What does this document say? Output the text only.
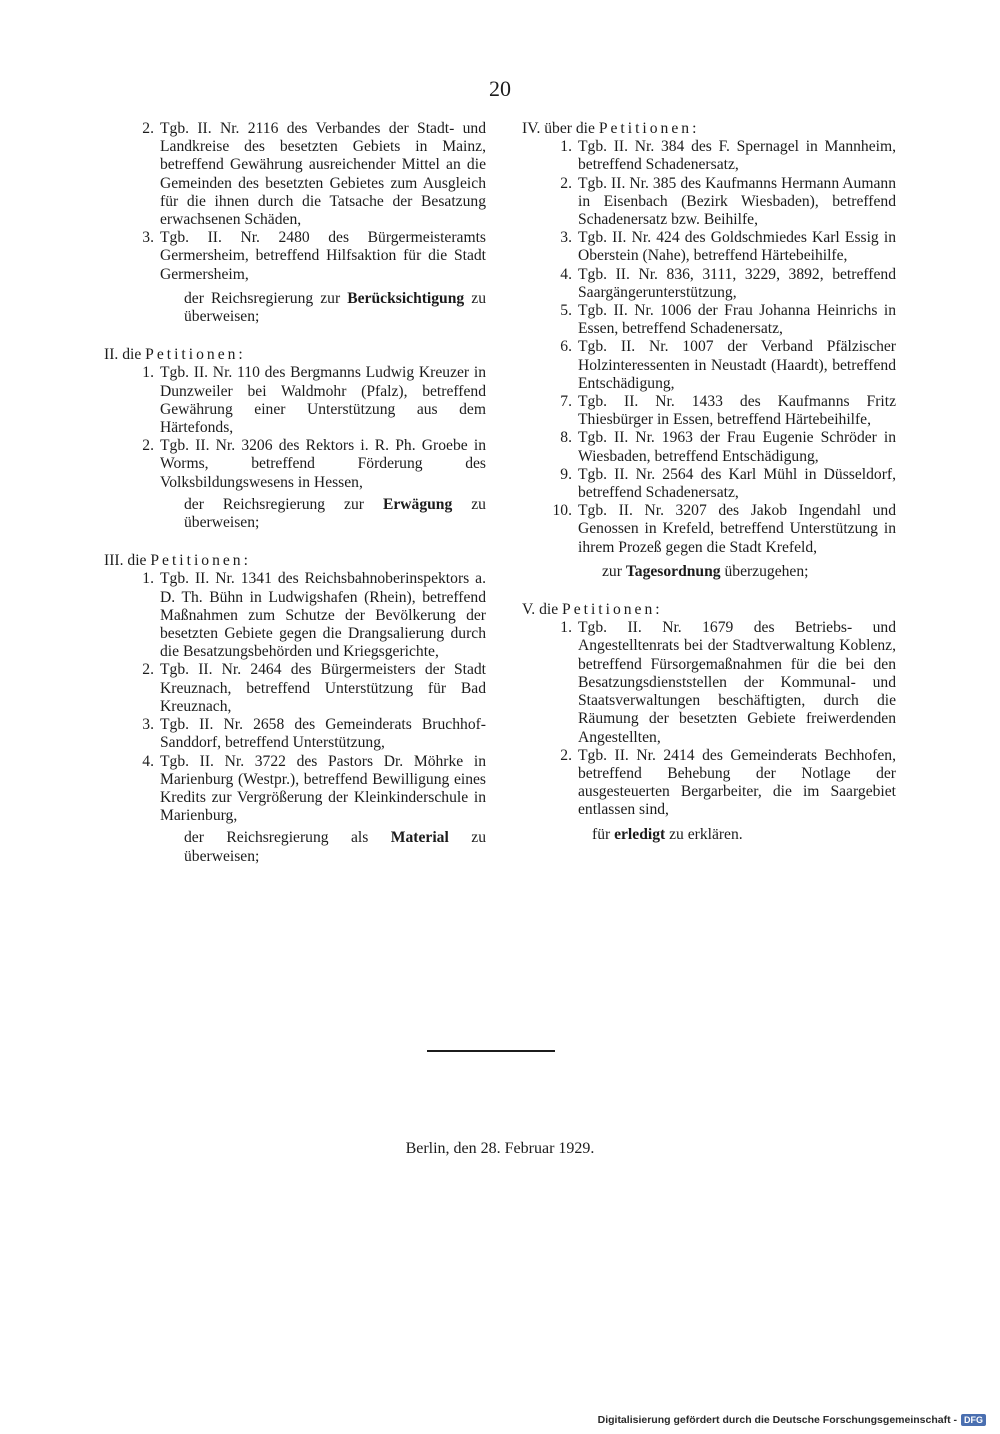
20
2. Tgb. II. Nr. 2116 des Verbandes der Stadt- und Landkreise des besetzten Gebiets in Mainz, betreffend Gewährung ausreichender Mittel an die Gemeinden des besetzten Gebietes zum Ausgleich für die ihnen durch die Tatsache der Besatzung erwachsenen Schäden,
3. Tgb. II. Nr. 2480 des Bürgermeisteramts Germersheim, betreffend Hilfsaktion für die Stadt Germersheim,

der Reichsregierung zur Berücksichtigung zu überweisen;

II. die Petitionen:

1. Tgb. II. Nr. 110 des Bergmanns Ludwig Kreuzer in Dunzweiler bei Waldmohr (Pfalz), betreffend Gewährung einer Unterstützung aus dem Härtefonds,
2. Tgb. II. Nr. 3206 des Rektors i. R. Ph. Groebe in Worms, betreffend Förderung des Volksbildungswesens in Hessen,

der Reichsregierung zur Erwägung zu überweisen;

III. die Petitionen:

1. Tgb. II. Nr. 1341 des Reichsbahnoberinspektors a. D. Th. Bühn in Ludwigshafen (Rhein), betreffend Maßnahmen zum Schutze der Bevölkerung der besetzten Gebiete gegen die Drangsalierung durch die Besatzungsbehörden und Kriegsgerichte,
2. Tgb. II. Nr. 2464 des Bürgermeisters der Stadt Kreuznach, betreffend Unterstützung für Bad Kreuznach,
3. Tgb. II. Nr. 2658 des Gemeinderats Bruchhof-Sanddorf, betreffend Unterstützung,
4. Tgb. II. Nr. 3722 des Pastors Dr. Möhrke in Marienburg (Westpr.), betreffend Bewilligung eines Kredits zur Vergrößerung der Kleinkinderschule in Marienburg,

der Reichsregierung als Material zu überweisen;

IV. über die Petitionen:

1. Tgb. II. Nr. 384 des F. Spernagel in Mannheim, betreffend Schadenersatz,
2. Tgb. II. Nr. 385 des Kaufmanns Hermann Aumann in Eisenbach (Bezirk Wiesbaden), betreffend Schadenersatz bzw. Beihilfe,
3. Tgb. II. Nr. 424 des Goldschmiedes Karl Essig in Oberstein (Nahe), betreffend Härtebeihilfe,
4. Tgb. II. Nr. 836, 3111, 3229, 3892, betreffend Saargängerunterstützung,
5. Tgb. II. Nr. 1006 der Frau Johanna Heinrichs in Essen, betreffend Schadenersatz,
6. Tgb. II. Nr. 1007 der Verband Pfälzischer Holzinteressenten in Neustadt (Haardt), betreffend Entschädigung,
7. Tgb. II. Nr. 1433 des Kaufmanns Fritz Thiesbürger in Essen, betreffend Härtebeihilfe,
8. Tgb. II. Nr. 1963 der Frau Eugenie Schröder in Wiesbaden, betreffend Entschädigung,
9. Tgb. II. Nr. 2564 des Karl Mühl in Düsseldorf, betreffend Schadenersatz,
10. Tgb. II. Nr. 3207 des Jakob Ingendahl und Genossen in Krefeld, betreffend Unterstützung in ihrem Prozeß gegen die Stadt Krefeld,

zur Tagesordnung überzugehen;

V. die Petitionen:

1. Tgb. II. Nr. 1679 des Betriebs- und Angestelltenrats bei der Stadtverwaltung Koblenz, betreffend Fürsorgemaßnahmen für die bei den Besatzungsdienststellen der Kommunal- und Staatsverwaltungen beschäftigten, durch die Räumung der besetzten Gebiete freiwerdenden Angestellten,
2. Tgb. II. Nr. 2414 des Gemeinderats Bechhofen, betreffend Behebung der Notlage der ausgesteuerten Bergarbeiter, die im Saargebiet entlassen sind,

für erledigt zu erklären.

Berlin, den 28. Februar 1929.
Digitalisierung gefördert durch die Deutsche Forschungsgemeinschaft - DFG
